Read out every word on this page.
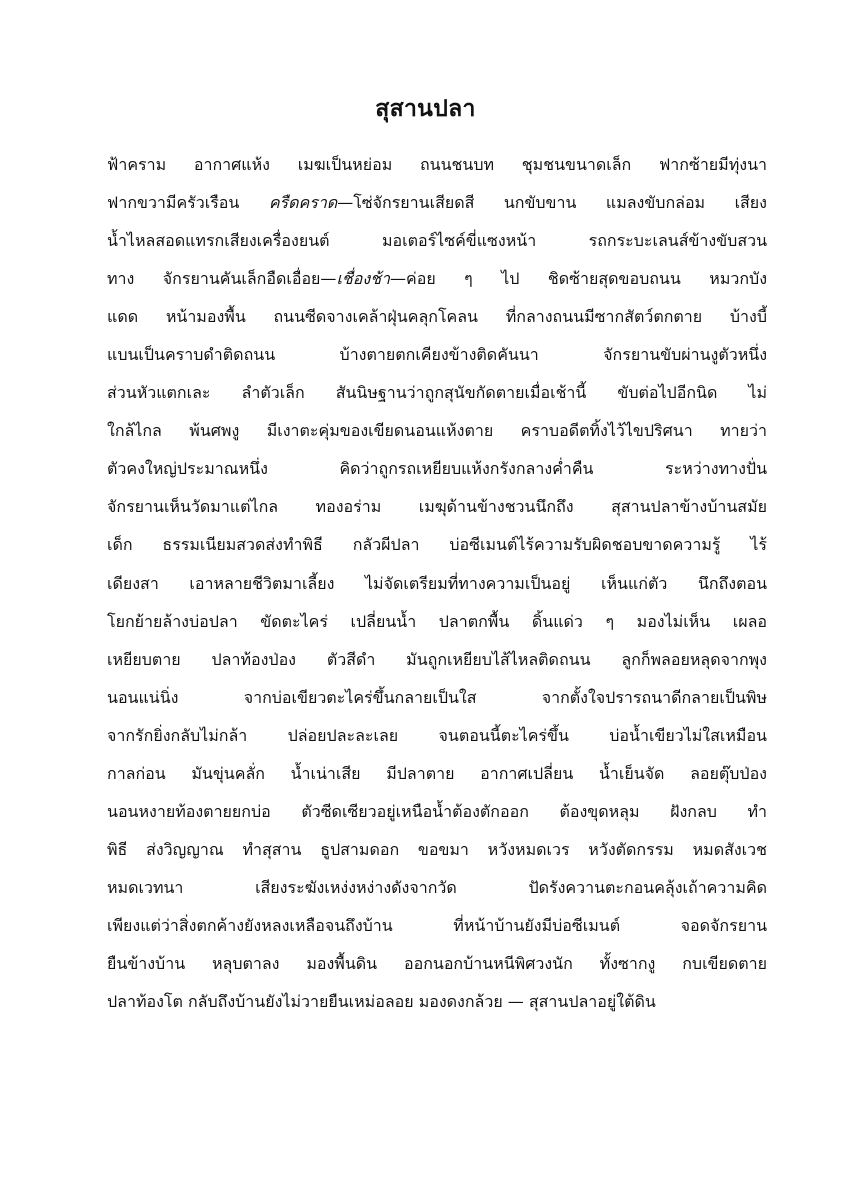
สุสานปลา
ฟ้าคราม อากาศแห้ง เมฆเป็นหย่อม ถนนชนบท ชุมชนขนาดเล็ก ฟากซ้ายมีทุ่งนา
ฟากขวามีครัวเรือน ครืดคราด—โซ่จักรยานเสียดสี นกขับขาน แมลงขับกล่อม เสียง
น้ำไหลสอดแทรกเสียงเครื่องยนต์ มอเตอร์ไซค์ขี่แซงหน้า รถกระบะเลนส์ข้างขับสวน
ทาง จักรยานคันเล็กอืดเอื่อย—เชื่องช้า—ค่อย ๆ ไป ชิดซ้ายสุดขอบถนน หมวกบัง
แดด หน้ามองพื้น ถนนซีดจางเคล้าฝุ่นคลุกโคลน ที่กลางถนนมีซากสัตว์ตกตาย บ้างบี้
แบนเป็นคราบดำติดถนน บ้างตายตกเคียงข้างติดคันนา จักรยานขับผ่านงูตัวหนึ่ง
ส่วนหัวแตกเละ ลำตัวเล็ก สันนิษฐานว่าถูกสุนัขกัดตายเมื่อเช้านี้ ขับต่อไปอีกนิด ไม่
ใกล้ไกล พ้นศพงู มีเงาตะคุ่มของเขียดนอนแห้งตาย คราบอดีตทิ้งไว้ไขปริศนา ทายว่า
ตัวคงใหญ่ประมาณหนึ่ง คิดว่าถูกรถเหยียบแห้งกรังกลางค่ำคืน ระหว่างทางปั่น
จักรยานเห็นวัดมาแต่ไกล ทองอร่าม เมฆุด้านข้างชวนนึกถึง สุสานปลาข้างบ้านสมัย
เด็ก ธรรมเนียมสวดส่งทำพิธี กลัวผีปลา บ่อซีเมนต์ไร้ความรับผิดชอบขาดความรู้ ไร้
เดียงสา เอาหลายชีวิตมาเลี้ยง ไม่จัดเตรียมที่ทางความเป็นอยู่ เห็นแก่ตัว นึกถึงตอน
โยกย้ายล้างบ่อปลา ขัดตะไคร่ เปลี่ยนน้ำ ปลาตกพื้น ดิ้นแด่ว ๆ มองไม่เห็น เผลอ
เหยียบตาย ปลาท้องป่อง ตัวสีดำ มันถูกเหยียบไส้ไหลติดถนน ลูกก็พลอยหลุดจากพุง
นอนแน่นิ่ง จากบ่อเขียวตะไคร่ขึ้นกลายเป็นใส จากตั้งใจปรารถนาดีกลายเป็นพิษ
จากรักยิ่งกลับไม่กล้า ปล่อยปละละเลย จนตอนนี้ตะไคร่ขึ้น บ่อน้ำเขียวไม่ใสเหมือน
กาลก่อน มันขุ่นคลั่ก น้ำเน่าเสีย มีปลาตาย อากาศเปลี่ยน น้ำเย็นจัด ลอยตุ๊บป่อง
นอนหงายท้องตายยกบ่อ ตัวซีดเซียวอยู่เหนือน้ำต้องตักออก ต้องขุดหลุม ฝังกลบ ทำ
พิธี ส่งวิญญาณ ทำสุสาน ธูปสามดอก ขอขมา หวังหมดเวร หวังตัดกรรม หมดสังเวช
หมดเวทนา เสียงระฆังเหง่งหง่างดังจากวัด ปัดรังควานตะกอนคลุ้งเถ้าความคิด
เพียงแต่ว่าสิ่งตกค้างยังหลงเหลือจนถึงบ้าน ที่หน้าบ้านยังมีบ่อซีเมนต์ จอดจักรยาน
ยืนข้างบ้าน หลุบตาลง มองพื้นดิน ออกนอกบ้านหนีพิศวงนัก ทั้งซากงู กบเขียดตาย
ปลาท้องโต กลับถึงบ้านยังไม่วายยืนเหม่อลอย มองดงกล้วย — สุสานปลาอยู่ใต้ดิน
